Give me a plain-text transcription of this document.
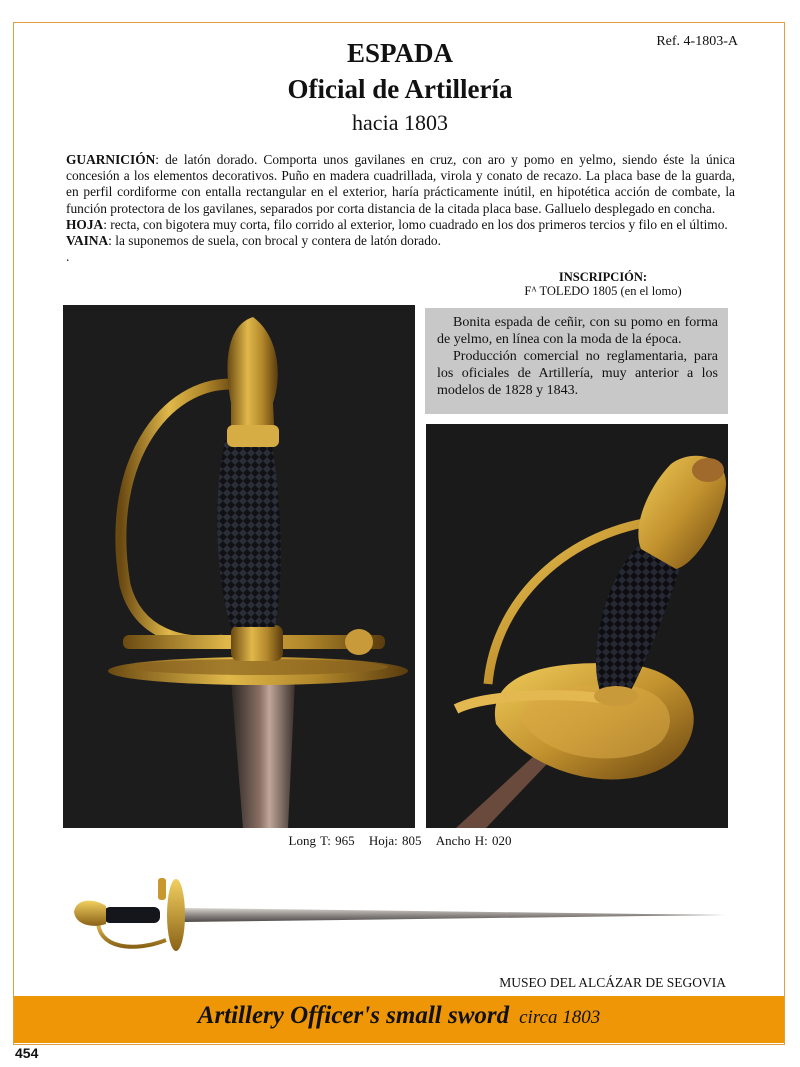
Ref. 4-1803-A
ESPADA
Oficial de Artillería
hacia 1803

GUARNICIÓN: de latón dorado. Comporta unos gavilanes en cruz, con aro y pomo en yelmo, siendo éste la única concesión a los elementos decorativos. Puño en madera cuadrillada, virola y conato de recazo. La placa base de la guarda, en perfil cordiforme con entalla rectangular en el exterior, haría prácticamente inútil, en hipotética acción de combate, la función protectora de los gavilanes, separados por corta distancia de la citada placa base. Galluelo desplegado en concha.

HOJA: recta, con bigotera muy corta, filo corrido al exterior, lomo cuadrado en los dos primeros tercios y filo en el último.

VAINA: la suponemos de suela, con brocal y contera de latón dorado.

.

INSCRIPCIÓN:
Fᴬ TOLEDO 1805 (en el lomo)

Bonita espada de ceñir, con su pomo en forma de yelmo, en línea con la moda de la época.

Producción comercial no reglamentaria, para los oficiales de Artillería, muy anterior a los modelos de 1828 y 1843.

Long T: 965 Hoja: 805 Ancho H: 020
MUSEO DEL ALCÁZAR DE SEGOVIA
Artillery Officer's small sword circa 1803
454
